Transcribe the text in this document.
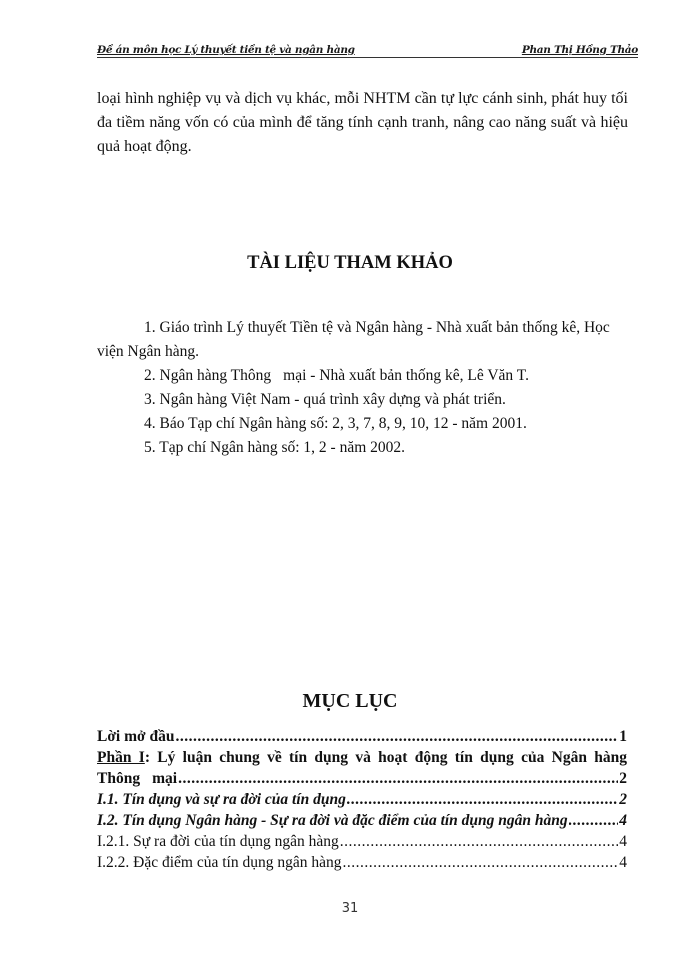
Đề án môn học Lý thuyết tiền tệ và ngân hàng	Phan Thị Hồng Thảo
loại hình nghiệp vụ và dịch vụ khác, mỗi NHTM cần tự lực cánh sinh, phát huy tối đa tiềm năng vốn có của mình để tăng tính cạnh tranh, nâng cao năng suất và hiệu quả hoạt động.
TÀI LIỆU THAM KHẢO
1. Giáo trình Lý thuyết Tiền tệ và Ngân hàng - Nhà xuất bản thống kê, Học viện Ngân hàng.
2. Ngân hàng Thông mại - Nhà xuất bản thống kê, Lê Văn T.
3. Ngân hàng Việt Nam - quá trình xây dựng và phát triển.
4. Báo Tạp chí Ngân hàng số: 2, 3, 7, 8, 9, 10, 12 - năm 2001.
5. Tạp chí Ngân hàng số: 1, 2 - năm 2002.
MỤC LỤC
Lời mở đầu .....	1
Phần I: Lý luận chung về tín dụng và hoạt động tín dụng của Ngân hàng
Thông mại .....	2
I.1. Tín dụng và sự ra đời của tín dụng .....	2
I.2. Tín dụng Ngân hàng - Sự ra đời và đặc điểm của tín dụng ngân hàng .....	4
I.2.1. Sự ra đời của tín dụng ngân hàng .....	4
I.2.2. Đặc điểm của tín dụng ngân hàng .....	4
31
